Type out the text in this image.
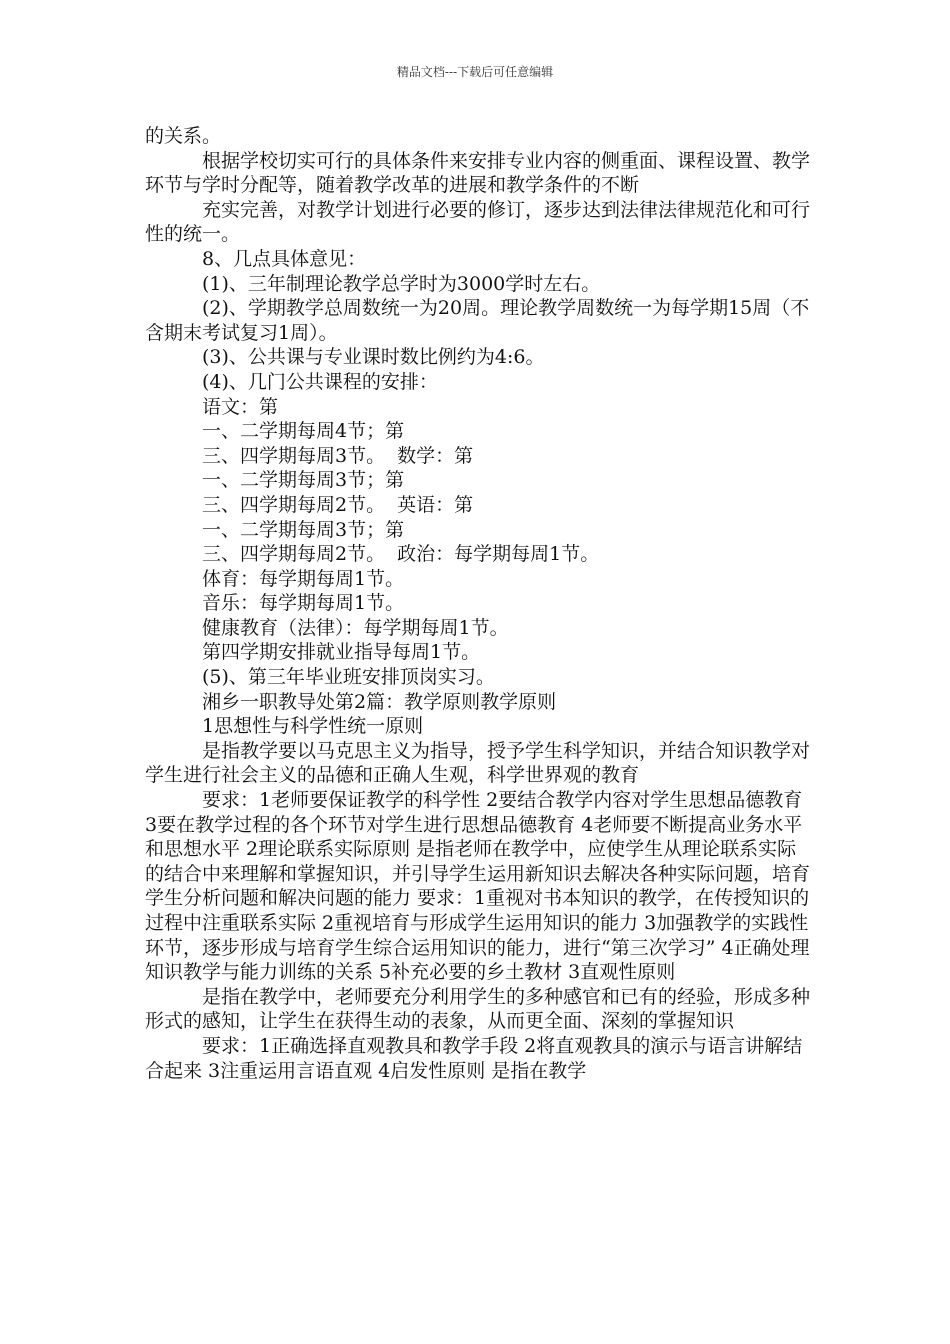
精品文档---下载后可任意编辑

的关系。

根据学校切实可行的具体条件来安排专业内容的侧重面、课程设置、教学环节与学时分配等，随着教学改革的进展和教学条件的不断

充实完善，对教学计划进行必要的修订，逐步达到法律法律规范化和可行性的统一。

8、几点具体意见：

(1)、三年制理论教学总学时为3000学时左右。

(2)、学期教学总周数统一为20周。理论教学周数统一为每学期15周（不含期末考试复习1周）。

(3)、公共课与专业课时数比例约为4:6。

(4)、几门公共课程的安排：

语文：第

一、二学期每周4节；第

三、四学期每周3节。  数学：第

一、二学期每周3节；第

三、四学期每周2节。  英语：第

一、二学期每周3节；第

三、四学期每周2节。  政治：每学期每周1节。

体育：每学期每周1节。

音乐：每学期每周1节。

健康教育（法律）：每学期每周1节。

第四学期安排就业指导每周1节。

(5)、第三年毕业班安排顶岗实习。

湘乡一职教导处第2篇：教学原则教学原则

1思想性与科学性统一原则

是指教学要以马克思主义为指导，授予学生科学知识，并结合知识教学对学生进行社会主义的品德和正确人生观，科学世界观的教育

要求：1老师要保证教学的科学性 2要结合教学内容对学生思想品德教育 3要在教学过程的各个环节对学生进行思想品德教育 4老师要不断提高业务水平和思想水平 2理论联系实际原则 是指老师在教学中，应使学生从理论联系实际的结合中来理解和掌握知识，并引导学生运用新知识去解决各种实际问题，培育学生分析问题和解决问题的能力 要求：1重视对书本知识的教学，在传授知识的过程中注重联系实际 2重视培育与形成学生运用知识的能力 3加强教学的实践性环节，逐步形成与培育学生综合运用知识的能力，进行“第三次学习” 4正确处理知识教学与能力训练的关系 5补充必要的乡土教材 3直观性原则

是指在教学中，老师要充分利用学生的多种感官和已有的经验，形成多种形式的感知，让学生在获得生动的表象，从而更全面、深刻的掌握知识

要求：1正确选择直观教具和教学手段 2将直观教具的演示与语言讲解结合起来 3注重运用言语直观 4启发性原则 是指在教学
